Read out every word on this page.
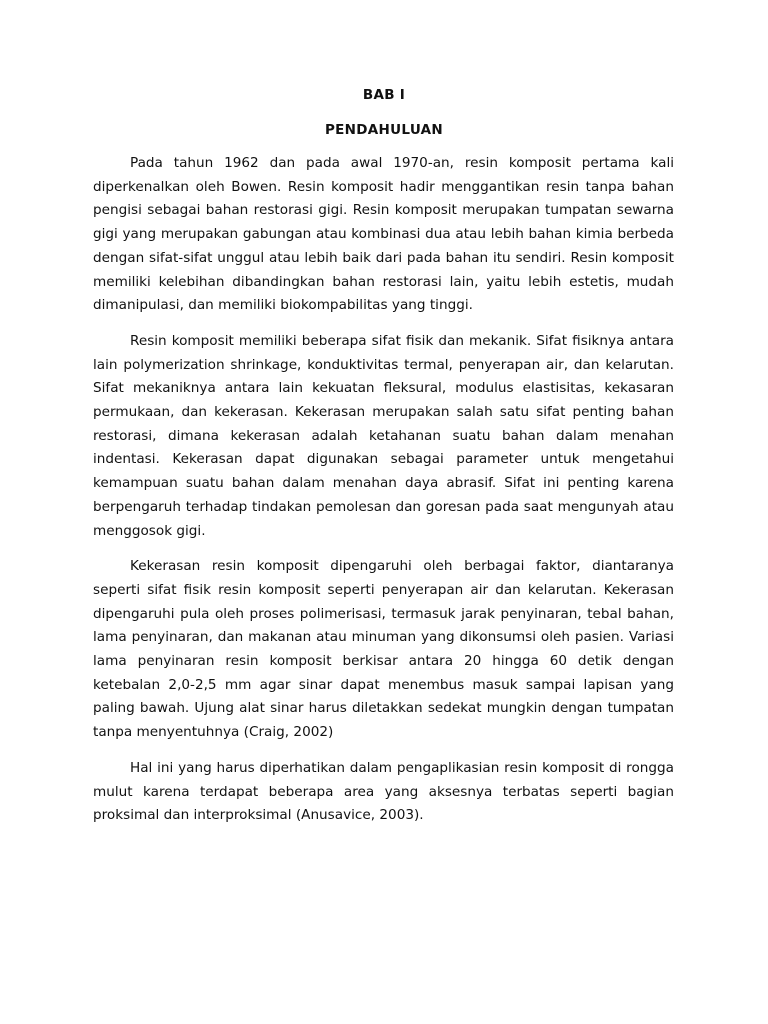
BAB I
PENDAHULUAN

Pada tahun 1962 dan pada awal 1970-an, resin komposit pertama kali diperkenalkan oleh Bowen. Resin komposit hadir menggantikan resin tanpa bahan pengisi sebagai bahan restorasi gigi. Resin komposit merupakan tumpatan sewarna gigi yang merupakan gabungan atau kombinasi dua atau lebih bahan kimia berbeda dengan sifat-sifat unggul atau lebih baik dari pada bahan itu sendiri. Resin komposit memiliki kelebihan dibandingkan bahan restorasi lain, yaitu lebih estetis, mudah dimanipulasi, dan memiliki biokompabilitas yang tinggi.

Resin komposit memiliki beberapa sifat fisik dan mekanik. Sifat fisiknya antara lain polymerization shrinkage, konduktivitas termal, penyerapan air, dan kelarutan. Sifat mekaniknya antara lain kekuatan fleksural, modulus elastisitas, kekasaran permukaan, dan kekerasan. Kekerasan merupakan salah satu sifat penting bahan restorasi, dimana kekerasan adalah ketahanan suatu bahan dalam menahan indentasi. Kekerasan dapat digunakan sebagai parameter untuk mengetahui kemampuan suatu bahan dalam menahan daya abrasif. Sifat ini penting karena berpengaruh terhadap tindakan pemolesan dan goresan pada saat mengunyah atau menggosok gigi.

Kekerasan resin komposit dipengaruhi oleh berbagai faktor, diantaranya seperti sifat fisik resin komposit seperti penyerapan air dan kelarutan. Kekerasan dipengaruhi pula oleh proses polimerisasi, termasuk jarak penyinaran, tebal bahan, lama penyinaran, dan makanan atau minuman yang dikonsumsi oleh pasien. Variasi lama penyinaran resin komposit berkisar antara 20 hingga 60 detik dengan ketebalan 2,0-2,5 mm agar sinar dapat menembus masuk sampai lapisan yang paling bawah. Ujung alat sinar harus diletakkan sedekat mungkin dengan tumpatan tanpa menyentuhnya (Craig, 2002)

Hal ini yang harus diperhatikan dalam pengaplikasian resin komposit di rongga mulut karena terdapat beberapa area yang aksesnya terbatas seperti bagian proksimal dan interproksimal (Anusavice, 2003).
